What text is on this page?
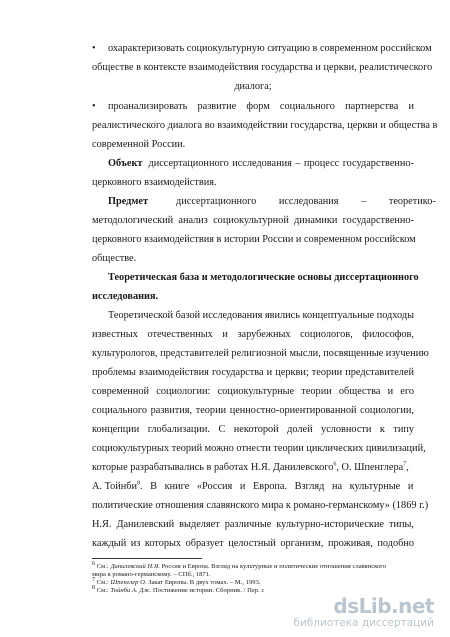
• охарактеризовать социокультурную ситуацию в современном российском
обществе в контексте взаимодействия государства и церкви, реалистического
диалога;
• проанализировать развитие форм социального партнерства и
реалистического диалога во взаимодействии государства, церкви и общества в
современной России.
Объект диссертационного исследования – процесс государственно-
церковного взаимодействия.
Предмет	диссертационного исследования – теоретико-
методологический анализ социокультурной динамики государственно-
церковного взаимодействия в истории России и современном российском
обществе.
Теоретическая база и методологические основы диссертационного
исследования.
Теоретической базой исследования явились концептуальные подходы
известных отечественных и зарубежных социологов, философов,
культурологов, представителей религиозной мысли, посвященные изучению
проблемы взаимодействия государства и церкви; теории представителей
современной социологии: социокультурные теории общества и его
социального развития, теории ценностно-ориентированной социологии,
концепции глобализации. С некоторой долей условности к типу
социокультурных теорий можно отнести теории циклических цивилизаций,
которые разрабатывались в работах Н.Я. Данилевского$^6$, О. Шпенглера$^7$,
А. Тойнби$^8$. В книге «Россия и Европа. Взгляд на культурные и
политические отношения славянского мира к романо-германскому» (1869 г.)
Н.Я. Данилевский выделяет различные культурно-исторические типы,
каждый из которых образует целостный организм, проживая, подобно
$^6$ См.: Данилевский Н.Я. Россия и Европа. Взгляд на культурные и политические отношения славянского
мира к романо-германскому. – СПб., 1871.
$^7$ См.: Шпенглер О. Закат Европы. В двух томах. – М., 1993.
$^8$ См.: Тойнби А. Дж. Постижение истории. Сборник. / Пер. с
dsLib.net
библиотека диссертаций
